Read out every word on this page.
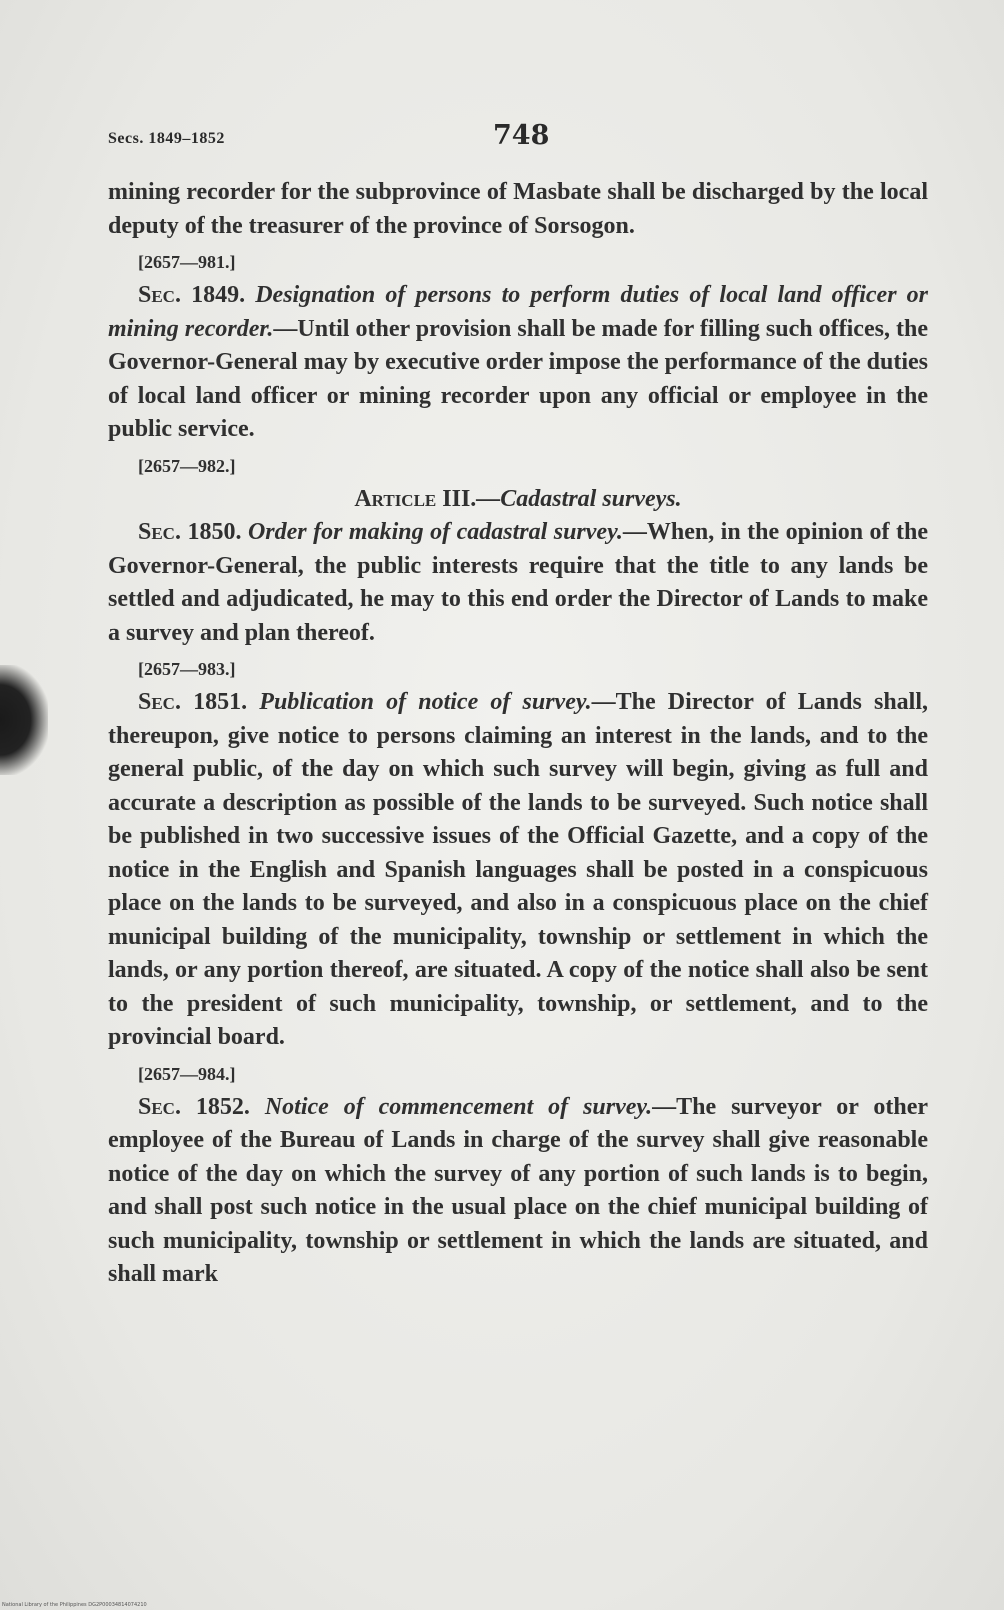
Secs. 1849–1852	748

mining recorder for the subprovince of Masbate shall be discharged by the local deputy of the treasurer of the province of Sorsogon.

[2657—981.]

Sec. 1849. Designation of persons to perform duties of local land officer or mining recorder.—Until other provision shall be made for filling such offices, the Governor-General may by executive order impose the performance of the duties of local land officer or mining recorder upon any official or employee in the public service.

[2657—982.]

Article III.—Cadastral surveys.

Sec. 1850. Order for making of cadastral survey.—When, in the opinion of the Governor-General, the public interests require that the title to any lands be settled and adjudicated, he may to this end order the Director of Lands to make a survey and plan thereof.

[2657—983.]

Sec. 1851. Publication of notice of survey.—The Director of Lands shall, thereupon, give notice to persons claiming an interest in the lands, and to the general public, of the day on which such survey will begin, giving as full and accurate a description as possible of the lands to be surveyed. Such notice shall be published in two successive issues of the Official Gazette, and a copy of the notice in the English and Spanish languages shall be posted in a conspicuous place on the lands to be surveyed, and also in a conspicuous place on the chief municipal building of the municipality, township or settlement in which the lands, or any portion thereof, are situated. A copy of the notice shall also be sent to the president of such municipality, township, or settlement, and to the provincial board.

[2657—984.]

Sec. 1852. Notice of commencement of survey.—The surveyor or other employee of the Bureau of Lands in charge of the survey shall give reasonable notice of the day on which the survey of any portion of such lands is to begin, and shall post such notice in the usual place on the chief municipal building of such municipality, township or settlement in which the lands are situated, and shall mark

National Library of the Philippines DG2P00034814074210
